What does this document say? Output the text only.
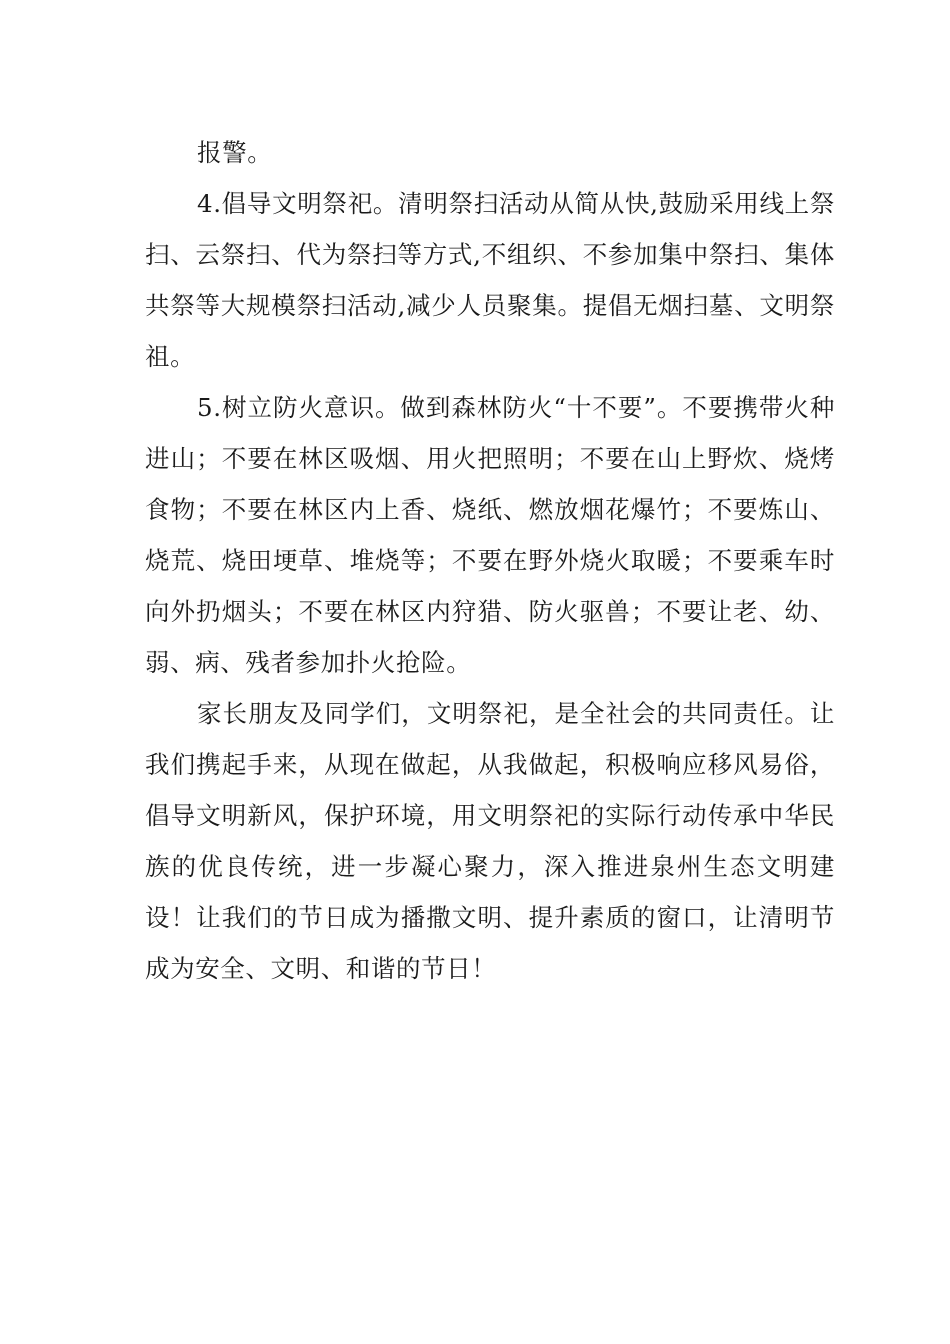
报警。

4.倡导文明祭祀。清明祭扫活动从简从快,鼓励采用线上祭扫、云祭扫、代为祭扫等方式,不组织、不参加集中祭扫、集体共祭等大规模祭扫活动,减少人员聚集。提倡无烟扫墓、文明祭祖。

5.树立防火意识。做到森林防火“十不要”。不要携带火种进山；不要在林区吸烟、用火把照明；不要在山上野炊、烧烤食物；不要在林区内上香、烧纸、燃放烟花爆竹；不要炼山、烧荒、烧田埂草、堆烧等；不要在野外烧火取暖；不要乘车时向外扔烟头；不要在林区内狩猎、防火驱兽；不要让老、幼、弱、病、残者参加扑火抢险。

家长朋友及同学们，文明祭祀，是全社会的共同责任。让我们携起手来，从现在做起，从我做起，积极响应移风易俗，倡导文明新风，保护环境，用文明祭祀的实际行动传承中华民族的优良传统，进一步凝心聚力，深入推进泉州生态文明建设！让我们的节日成为播撒文明、提升素质的窗口，让清明节成为安全、文明、和谐的节日！
